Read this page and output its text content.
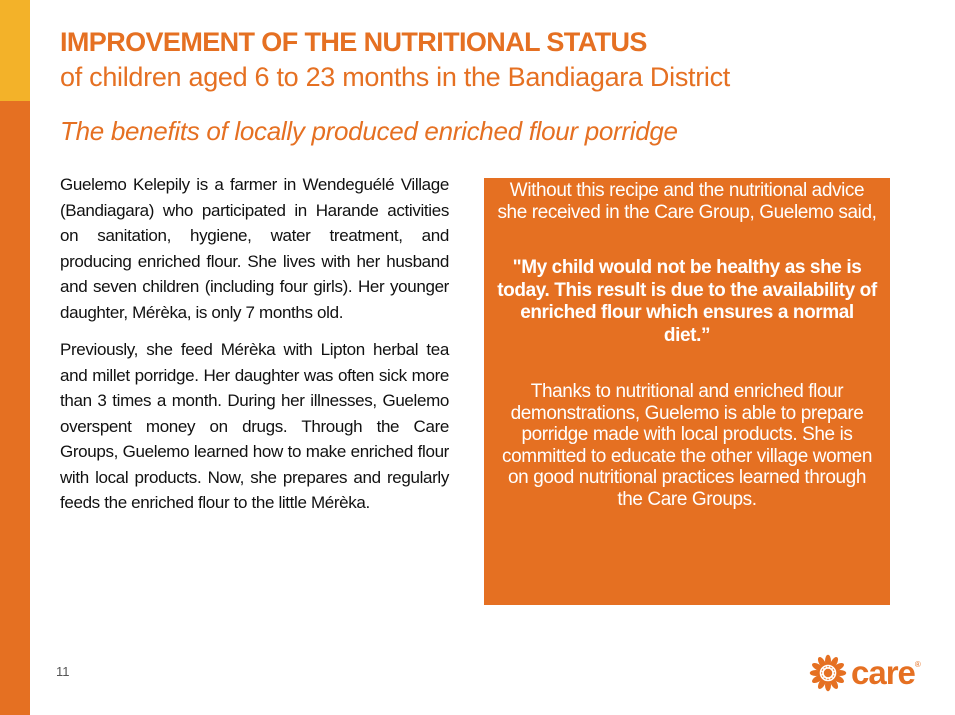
IMPROVEMENT OF THE NUTRITIONAL STATUS
of children aged 6 to 23 months in the Bandiagara District
The benefits of locally produced enriched flour porridge

Guelemo Kelepily is a farmer in Wendeguélé Village (Bandiagara) who participated in Harande activities on sanitation, hygiene, water treatment, and producing enriched flour. She lives with her husband and seven children (including four girls). Her younger daughter, Mérèka, is only 7 months old.

Previously, she feed Mérèka with Lipton herbal tea and millet porridge. Her daughter was often sick more than 3 times a month. During her illnesses, Guelemo overspent money on drugs. Through the Care Groups, Guelemo learned how to make enriched flour with local products. Now, she prepares and regularly feeds the enriched flour to the little Mérèka.

Without this recipe and the nutritional advice she received in the Care Group, Guelemo said,
"My child would not be healthy as she is today. This result is due to the availability of enriched flour which ensures a normal diet.”
Thanks to nutritional and enriched flour demonstrations, Guelemo is able to prepare porridge made with local products. She is committed to educate the other village women on good nutritional practices learned through the Care Groups.
11	care ®
